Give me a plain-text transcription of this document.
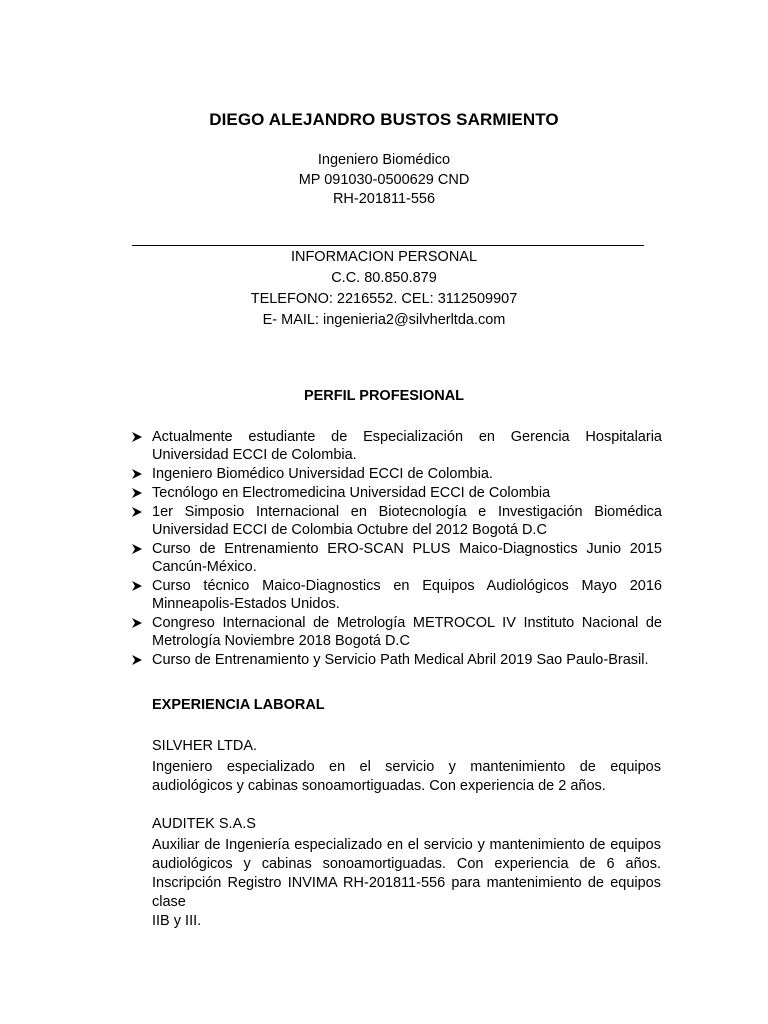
DIEGO ALEJANDRO BUSTOS SARMIENTO
Ingeniero Biomédico
MP 091030-0500629 CND
RH-201811-556
INFORMACION PERSONAL
C.C. 80.850.879
TELEFONO: 2216552. CEL: 3112509907
E- MAIL: ingenieria2@silvherltda.com
PERFIL PROFESIONAL
Actualmente estudiante de Especialización en Gerencia Hospitalaria Universidad ECCI de Colombia.
Ingeniero Biomédico Universidad ECCI de Colombia.
Tecnólogo en Electromedicina Universidad ECCI de Colombia
1er Simposio Internacional en Biotecnología e Investigación Biomédica Universidad ECCI de Colombia Octubre del 2012 Bogotá D.C
Curso de Entrenamiento ERO-SCAN PLUS Maico-Diagnostics Junio 2015 Cancún-México.
Curso técnico Maico-Diagnostics en Equipos Audiológicos Mayo 2016 Minneapolis-Estados Unidos.
Congreso Internacional de Metrología METROCOL IV Instituto Nacional de Metrología Noviembre 2018 Bogotá D.C
Curso de Entrenamiento y Servicio Path Medical Abril 2019 Sao Paulo-Brasil.
EXPERIENCIA LABORAL
SILVHER LTDA.
Ingeniero especializado en el servicio y mantenimiento de equipos audiológicos y cabinas sonoamortiguadas. Con experiencia de 2 años.
AUDITEK S.A.S
Auxiliar de Ingeniería especializado en el servicio y mantenimiento de equipos audiológicos y cabinas sonoamortiguadas. Con experiencia de 6 años. Inscripción Registro INVIMA RH-201811-556 para mantenimiento de equipos clase
IIB y III.
